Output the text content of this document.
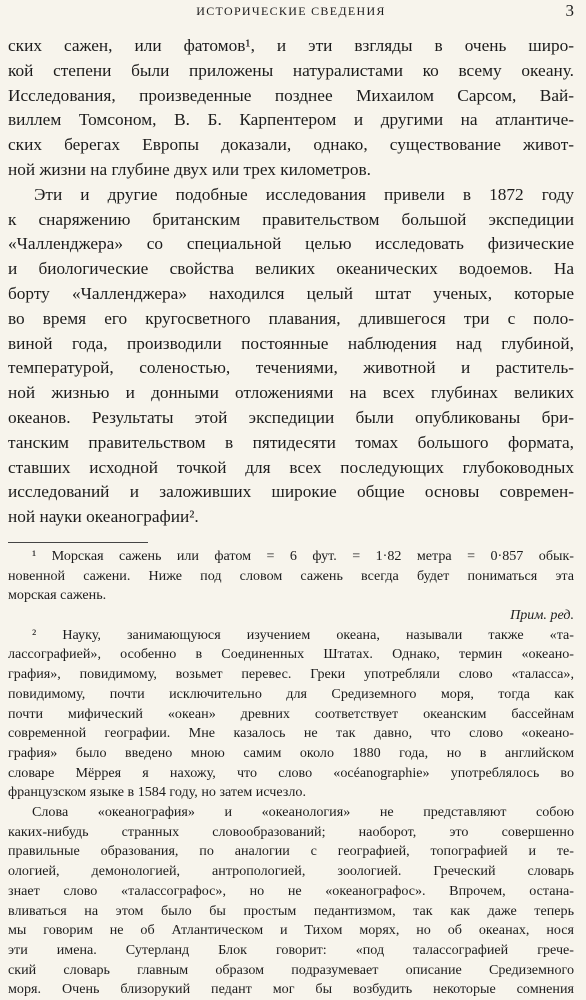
ИСТОРИЧЕСКИЕ СВЕДЕНИЯ	3
ских сажен, или фатомов¹, и эти взгляды в очень широ-
кой степени были приложены натуралистами ко всему океану.
Исследования, произведенные позднее Михаилом Сарсом, Вай-
виллем Томсоном, В. Б. Карпентером и другими на атлантиче-
ских берегах Европы доказали, однако, существование живот-
ной жизни на глубине двух или трех километров.
Эти и другие подобные исследования привели в 1872 году
к снаряжению британским правительством большой экспедиции
«Чалленджера» со специальной целью исследовать физические
и биологические свойства великих океанических водоемов. На
борту «Чалленджера» находился целый штат ученых, которые
во время его кругосветного плавания, длившегося три с поло-
виной года, производили постоянные наблюдения над глубиной,
температурой, соленостью, течениями, животной и раститель-
ной жизнью и донными отложениями на всех глубинах великих
океанов. Результаты этой экспедиции были опубликованы бри-
танским правительством в пятидесяти томах большого формата,
ставших исходной точкой для всех последующих глубоководных
исследований и заложивших широкие общие основы современ-
ной науки океанографии².
¹ Морская сажень или фатом = 6 фут. = 1·82 метра = 0·857 обык-
новенной сажени. Ниже под словом сажень всегда будет пониматься эта
морская сажень.
Прим. ред.
² Науку, занимающуюся изучением океана, называли также «та-
лассографией», особенно в Соединенных Штатах. Однако, термин «океано-
графия», повидимому, возьмет перевес. Греки употребляли слово «таласса»,
повидимому, почти исключительно для Средиземного моря, тогда как
почти мифический «океан» древних соответствует океанским бассейнам
современной географии. Мне казалось не так давно, что слово «океано-
графия» было введено мною самим около 1880 года, но в английском
словаре Мёррея я нахожу, что слово «océanographie» употреблялось во
французском языке в 1584 году, но затем исчезло.
Слова «океанография» и «океанология» не представляют собою
каких-нибудь странных словообразований; наоборот, это совершенно
правильные образования, по аналогии с географией, топографией и те-
ологией, демонологией, антропологией, зоологией. Греческий словарь
знает слово «талассографос», но не «океанографос». Впрочем, остана-
вливаться на этом было бы простым педантизмом, так как даже теперь
мы говорим не об Атлантическом и Тихом морях, но об океанах, нося
эти имена. Сутерланд Блок говорит: «под талассографией грече-
ский словарь главным образом подразумевает описание Средиземного
моря. Очень близорукий педант мог бы возбудить некоторые сомнения
